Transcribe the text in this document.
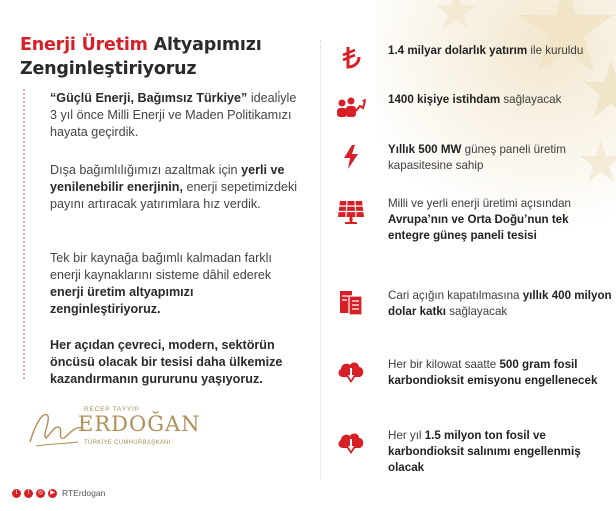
Enerji Üretim Altyapımızı Zenginleştiriyoruz
“Güçlü Enerji, Bağımsız Türkiye” ideali̇yle 3 yıl önce Milli Enerji ve Maden Politikamızı hayata geçirdik.
Dışa bağımlılığımızı azaltmak için yerli ve yenilenebilir enerjinin, enerji sepetimizdeki payını artıracak yatırımlara hız verdik.
Tek bir kaynağa bağımlı kalmadan farklı enerji kaynaklarını sisteme dâhil ederek enerji üretim altyapımızı zenginleştiriyoruz.
Her açıdan çevreci, modern, sektörün öncüsü olacak bir tesisi daha ülkemize kazandırmanın gururunu yaşıyoruz.
RECEP TAYYİP
ERDOĞAN
TÜRKİYE CUMHURBAŞKANI
t	f	◎	▶ RTErdogan
1.4 milyar dolarlık yatırım ile kuruldu
1400 kişiye istihdam sağlayacak
Yıllık 500 MW güneş paneli üretim kapasitesine sahip
Milli ve yerli enerji üretimi açısından Avrupa’nın ve Orta Doğu’nun tek entegre güneş paneli tesisi
Cari açığın kapatılmasına yıllık 400 milyon dolar katkı sağlayacak
Her bir kilowat saatte 500 gram fosil karbondioksit emisyonu engellenecek
Her yıl 1.5 milyon ton fosil ve karbondioksit salınımı engellenmiş olacak
